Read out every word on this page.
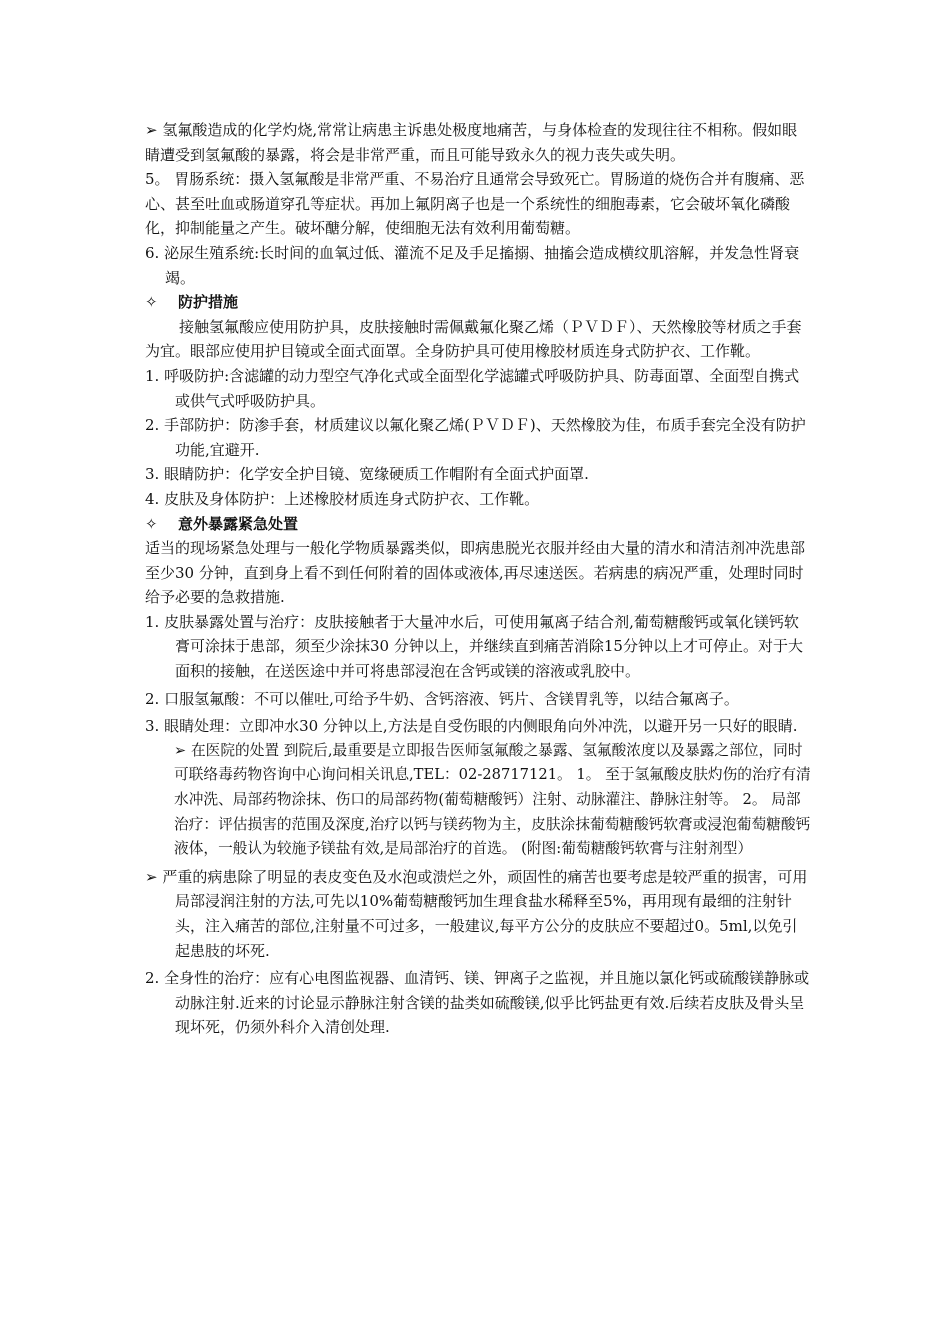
➢ 氢氟酸造成的化学灼烧,常常让病患主诉患处极度地痛苦，与身体检查的发现往往不相称。假如眼睛遭受到氢氟酸的暴露，将会是非常严重，而且可能导致永久的视力丧失或失明。

5。 胃肠系统：摄入氢氟酸是非常严重、不易治疗且通常会导致死亡。胃肠道的烧伤合并有腹痛、恶心、甚至吐血或肠道穿孔等症状。再加上氟阴离子也是一个系统性的细胞毒素，它会破坏氧化磷酸化，抑制能量之产生。破坏醣分解，使细胞无法有效利用葡萄糖。

6. 泌尿生殖系统:长时间的血氧过低、灌流不足及手足搐搦、抽搐会造成横纹肌溶解，并发急性肾衰竭。

✧ 防护措施

接触氢氟酸应使用防护具，皮肤接触时需佩戴氟化聚乙烯（ＰＶＤＦ）、天然橡胶等材质之手套为宜。眼部应使用护目镜或全面式面罩。全身防护具可使用橡胶材质连身式防护衣、工作靴。

1. 呼吸防护:含滤罐的动力型空气净化式或全面型化学滤罐式呼吸防护具、防毒面罩、全面型自携式或供气式呼吸防护具。

2. 手部防护：防渗手套，材质建议以氟化聚乙烯(ＰＶＤＦ)、天然橡胶为佳，布质手套完全没有防护功能,宜避开.

3. 眼睛防护：化学安全护目镜、宽缘硬质工作帽附有全面式护面罩.

4. 皮肤及身体防护：上述橡胶材质连身式防护衣、工作靴。

✧ 意外暴露紧急处置

适当的现场紧急处理与一般化学物质暴露类似，即病患脱光衣服并经由大量的清水和清洁剂冲洗患部至少30 分钟，直到身上看不到任何附着的固体或液体,再尽速送医。若病患的病况严重，处理时同时给予必要的急救措施.

1. 皮肤暴露处置与治疗：皮肤接触者于大量冲水后，可使用氟离子结合剂,葡萄糖酸钙或氧化镁钙软膏可涂抹于患部，须至少涂抹30 分钟以上，并继续直到痛苦消除15分钟以上才可停止。对于大面积的接触，在送医途中并可将患部浸泡在含钙或镁的溶液或乳胶中。

2. 口服氢氟酸：不可以催吐,可给予牛奶、含钙溶液、钙片、含镁胃乳等，以结合氟离子。

3. 眼睛处理：立即冲水30 分钟以上,方法是自受伤眼的内侧眼角向外冲洗，以避开另一只好的眼睛.

➢ 在医院的处置 到院后,最重要是立即报告医师氢氟酸之暴露、氢氟酸浓度以及暴露之部位，同时可联络毒药物咨询中心询问相关讯息,TEL：02-28717121。 1。 至于氢氟酸皮肤灼伤的治疗有清水冲洗、局部药物涂抹、伤口的局部药物(葡萄糖酸钙）注射、动脉灌注、静脉注射等。 2。 局部治疗：评估损害的范围及深度,治疗以钙与镁药物为主，皮肤涂抹葡萄糖酸钙软膏或浸泡葡萄糖酸钙液体，一般认为较施予镁盐有效,是局部治疗的首选。 (附图:葡萄糖酸钙软膏与注射剂型）

➢ 严重的病患除了明显的表皮变色及水泡或溃烂之外，顽固性的痛苦也要考虑是较严重的损害，可用局部浸润注射的方法,可先以10%葡萄糖酸钙加生理食盐水稀释至5%，再用现有最细的注射针头，注入痛苦的部位,注射量不可过多，一般建议,每平方公分的皮肤应不要超过0。5ml,以免引起患肢的坏死.

2. 全身性的治疗：应有心电图监视器、血清钙、镁、钾离子之监视，并且施以氯化钙或硫酸镁静脉或动脉注射.近来的讨论显示静脉注射含镁的盐类如硫酸镁,似乎比钙盐更有效.后续若皮肤及骨头呈现坏死，仍须外科介入清创处理.
